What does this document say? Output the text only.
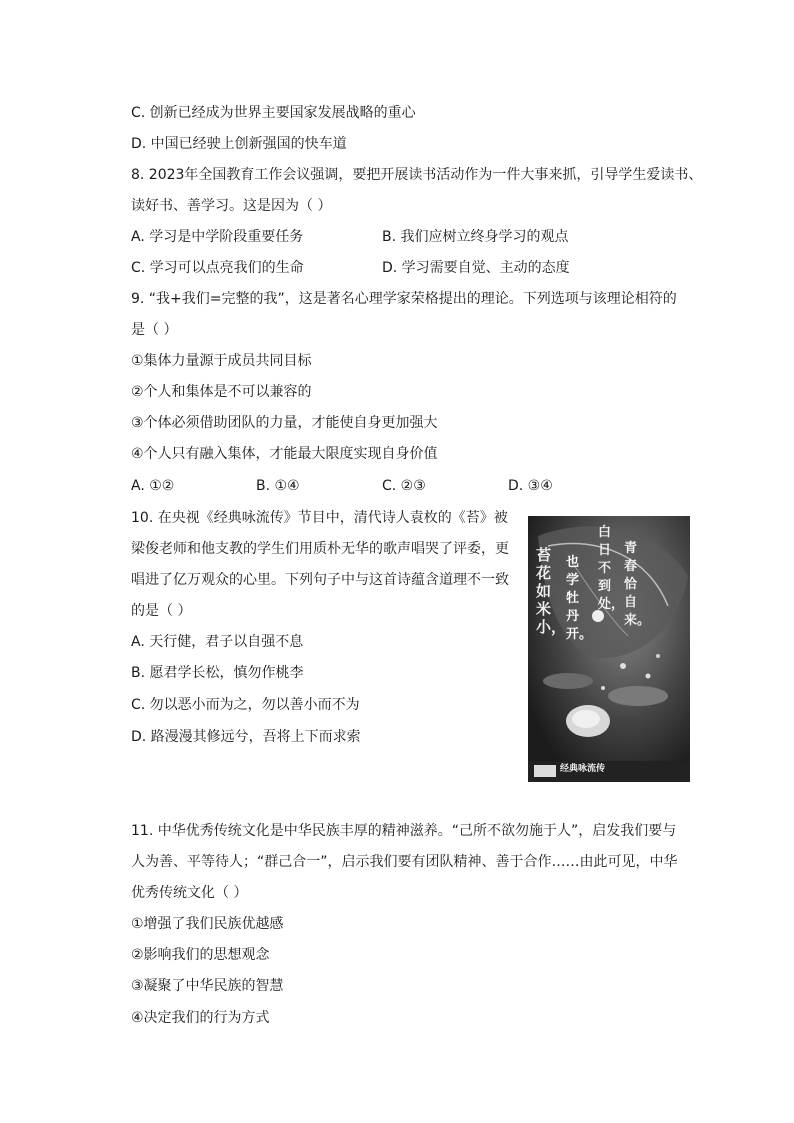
C. 创新已经成为世界主要国家发展战略的重心
D. 中国已经驶上创新强国的快车道
8. 2023年全国教育工作会议强调，要把开展读书活动作为一件大事来抓，引导学生爱读书、
读好书、善学习。这是因为（ ）
A. 学习是中学阶段重要任务	B. 我们应树立终身学习的观点
C. 学习可以点亮我们的生命	D. 学习需要自觉、主动的态度
9. “我+我们=完整的我”，这是著名心理学家荣格提出的理论。下列选项与该理论相符的
是（ ）
①集体力量源于成员共同目标
②个人和集体是不可以兼容的
③个体必须借助团队的力量，才能使自身更加强大
④个人只有融入集体，才能最大限度实现自身价值
A. ①②	B. ①④	C. ②③	D. ③④
10. 在央视《经典咏流传》节目中，清代诗人袁枚的《苔》被
梁俊老师和他支教的学生们用质朴无华的歌声唱哭了评委，更
唱进了亿万观众的心里。下列句子中与这首诗蕴含道理不一致
的是（ ）
A. 天行健，君子以自强不息
B. 愿君学长松，慎勿作桃李
C. 勿以恶小而为之，勿以善小而不为
D. 路漫漫其修远兮，吾将上下而求索
苔花如米小，
也学牡丹开。
白日不到处，
青春恰自来。
经典咏流传
11. 中华优秀传统文化是中华民族丰厚的精神滋养。“己所不欲勿施于人”，启发我们要与
人为善、平等待人；“群己合一”，启示我们要有团队精神、善于合作……由此可见，中华
优秀传统文化（ ）
①增强了我们民族优越感
②影响我们的思想观念
③凝聚了中华民族的智慧
④决定我们的行为方式
